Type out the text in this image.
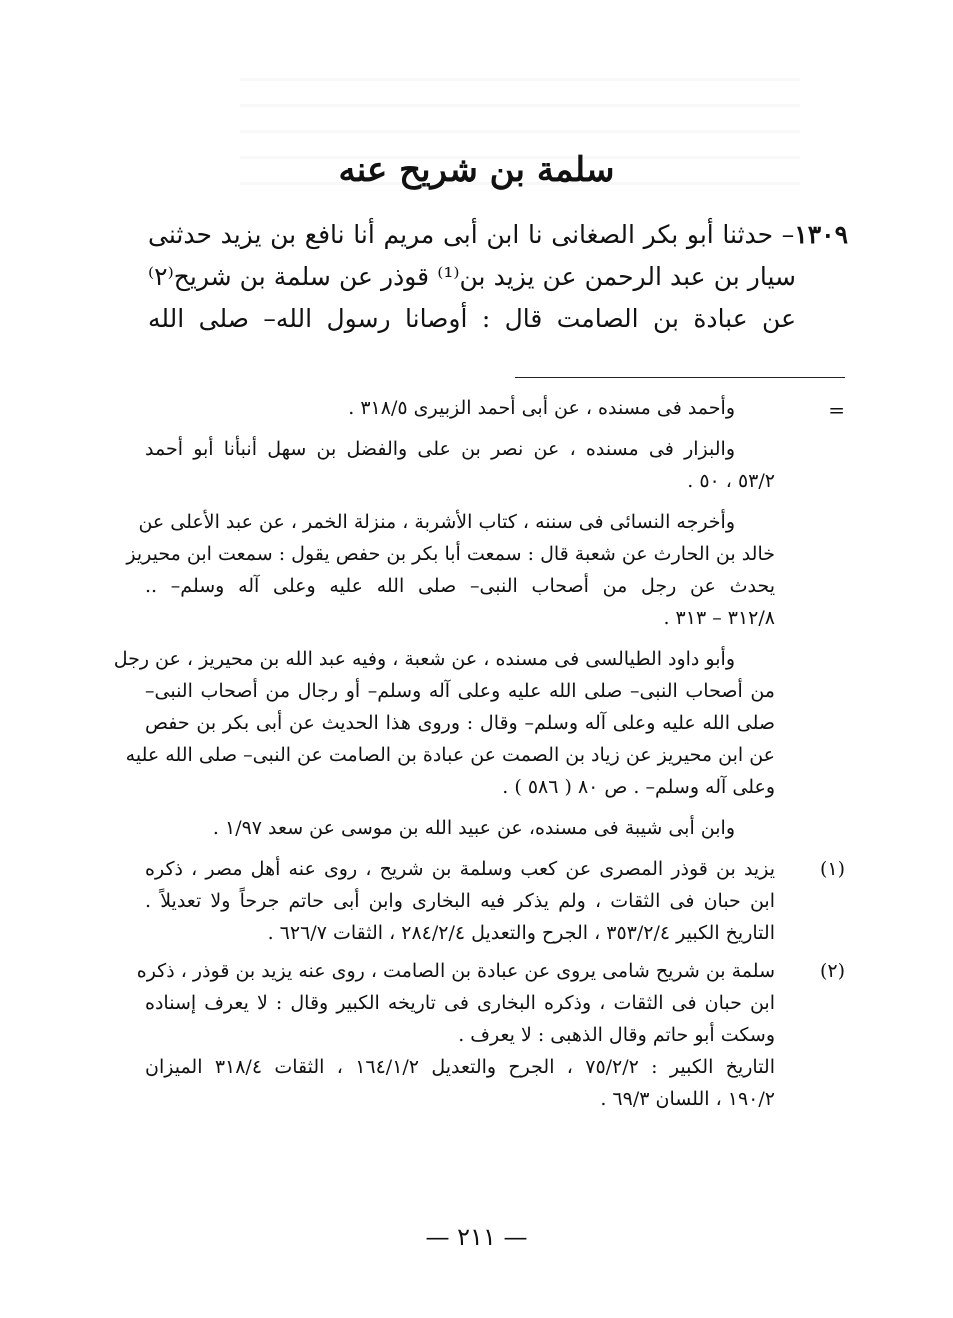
سلمة بن شريح عنه
١٣٠٩– حدثنا أبو بكر الصغانى نا ابن أبى مريم أنا نافع بن يزيد حدثنى
سيار بن عبد الرحمن عن يزيد بن⁽¹⁾ قوذر عن سلمة بن شريح⁽٢⁾
عن عبادة بن الصامت قال : أوصانا رسول الله– صلى الله
=
وأحمد فى مسنده ، عن أبى أحمد الزبيرى ٣١٨/٥ .
والبزار فى مسنده ، عن نصر بن على والفضل بن سهل أنبأنا أبو أحمد
٥٣/٢ ، ٥٠ .
وأخرجه النسائى فى سننه ، كتاب الأشربة ، منزلة الخمر ، عن عبد الأعلى عن
خالد بن الحارث عن شعبة قال : سمعت أبا بكر بن حفص يقول : سمعت ابن محيريز
يحدث عن رجل من أصحاب النبى– صلى الله عليه وعلى آله وسلم– ..
٣١٢/٨ – ٣١٣ .
وأبو داود الطيالسى فى مسنده ، عن شعبة ، وفيه عبد الله بن محيريز ، عن رجل
من أصحاب النبى– صلى الله عليه وعلى آله وسلم– أو رجال من أصحاب النبى–
صلى الله عليه وعلى آله وسلم– وقال : وروى هذا الحديث عن أبى بكر بن حفص
عن ابن محيريز عن زياد بن الصمت عن عبادة بن الصامت عن النبى– صلى الله عليه
وعلى آله وسلم– . ص ٨٠ ( ٥٨٦ ) .
وابن أبى شيبة فى مسنده، عن عبيد الله بن موسى عن سعد ١/٩٧ .
(١)
يزيد بن قوذر المصرى عن كعب وسلمة بن شريح ، روى عنه أهل مصر ، ذكره
ابن حبان فى الثقات ، ولم يذكر فيه البخارى وابن أبى حاتم جرحاً ولا تعديلاً .
التاريخ الكبير ٣٥٣/٢/٤ ، الجرح والتعديل ٢٨٤/٢/٤ ، الثقات ٦٢٦/٧ .
(٢)
سلمة بن شريح شامى يروى عن عبادة بن الصامت ، روى عنه يزيد بن قوذر ، ذكره
ابن حبان فى الثقات ، وذكره البخارى فى تاريخه الكبير وقال : لا يعرف إسناده
وسكت أبو حاتم وقال الذهبى : لا يعرف .
التاريخ الكبير : ٧٥/٢/٢ ، الجرح والتعديل ١٦٤/١/٢ ، الثقات ٣١٨/٤ الميزان
١٩٠/٢ ، اللسان ٦٩/٣ .
— ٢١١ —
